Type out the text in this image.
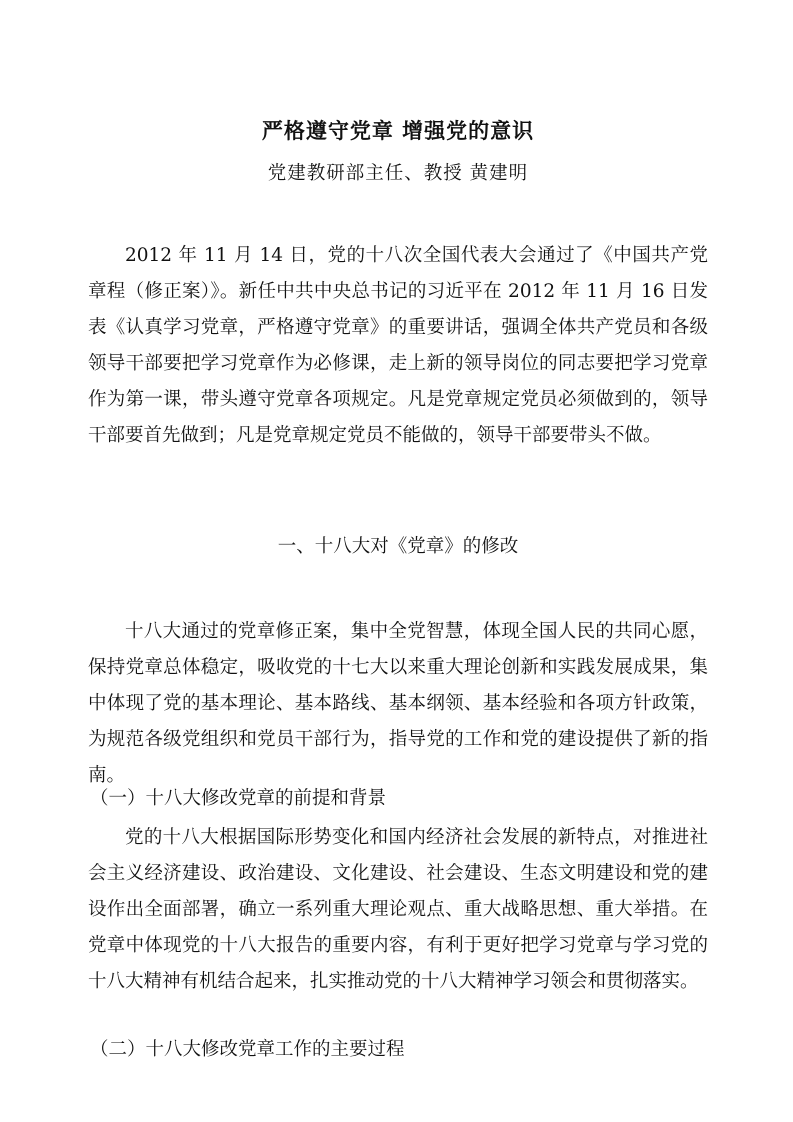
严格遵守党章 增强党的意识
党建教研部主任、教授 黄建明

2012 年 11 月 14 日，党的十八次全国代表大会通过了《中国共产党章程（修正案）》。新任中共中央总书记的习近平在 2012 年 11 月 16 日发表《认真学习党章，严格遵守党章》的重要讲话，强调全体共产党员和各级领导干部要把学习党章作为必修课，走上新的领导岗位的同志要把学习党章作为第一课，带头遵守党章各项规定。凡是党章规定党员必须做到的，领导干部要首先做到；凡是党章规定党员不能做的，领导干部要带头不做。

一、十八大对《党章》的修改

十八大通过的党章修正案，集中全党智慧，体现全国人民的共同心愿，保持党章总体稳定，吸收党的十七大以来重大理论创新和实践发展成果，集中体现了党的基本理论、基本路线、基本纲领、基本经验和各项方针政策，为规范各级党组织和党员干部行为，指导党的工作和党的建设提供了新的指南。

（一）十八大修改党章的前提和背景

党的十八大根据国际形势变化和国内经济社会发展的新特点，对推进社会主义经济建设、政治建设、文化建设、社会建设、生态文明建设和党的建设作出全面部署，确立一系列重大理论观点、重大战略思想、重大举措。在党章中体现党的十八大报告的重要内容，有利于更好把学习党章与学习党的十八大精神有机结合起来，扎实推动党的十八大精神学习领会和贯彻落实。

（二）十八大修改党章工作的主要过程
